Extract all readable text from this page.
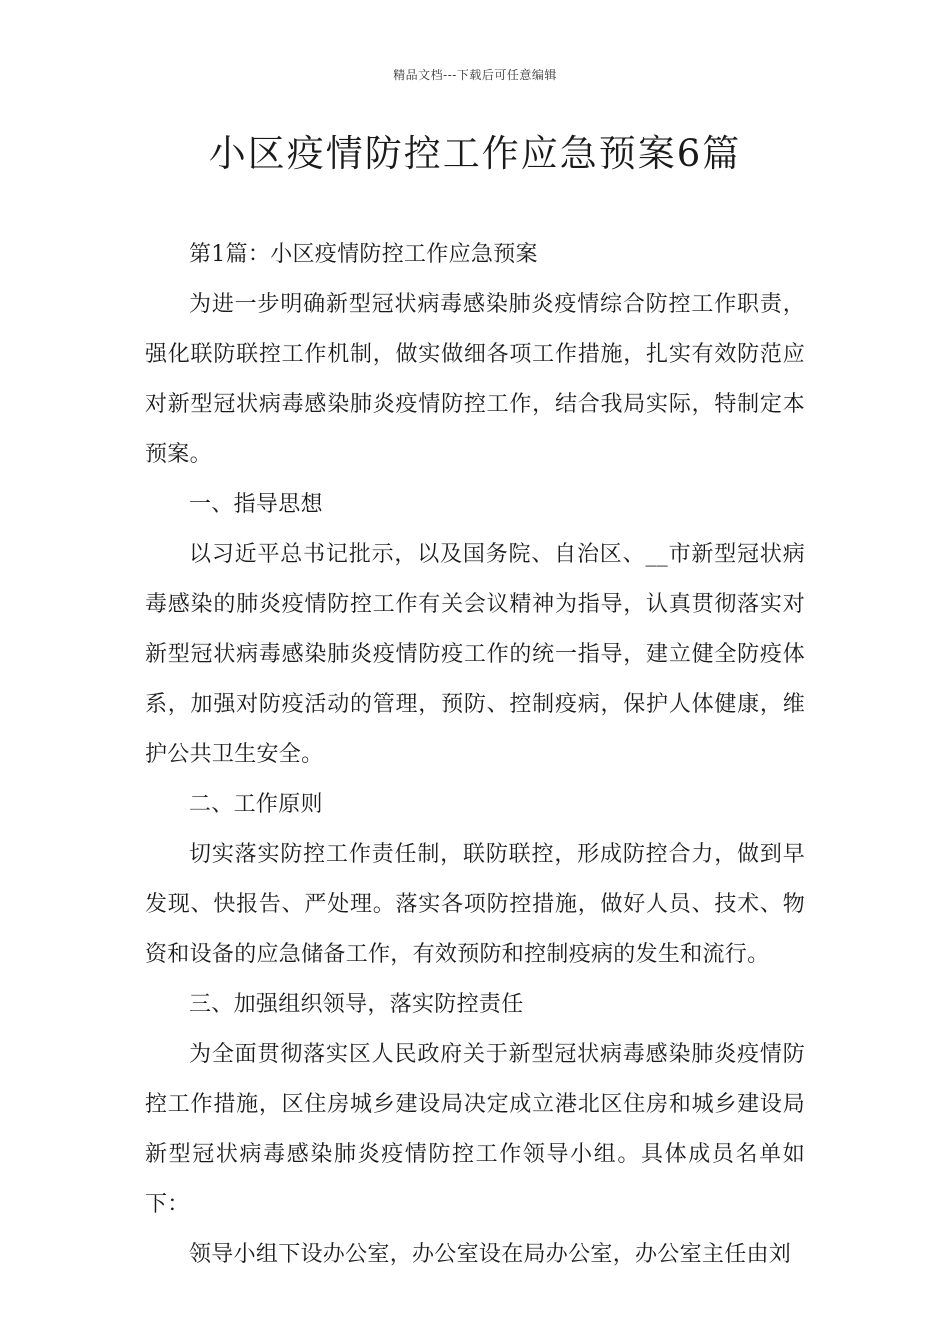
精品文档---下载后可任意编辑
小区疫情防控工作应急预案6篇

第1篇：小区疫情防控工作应急预案

为进一步明确新型冠状病毒感染肺炎疫情综合防控工作职责，强化联防联控工作机制，做实做细各项工作措施，扎实有效防范应对新型冠状病毒感染肺炎疫情防控工作，结合我局实际，特制定本预案。

一、指导思想

以习近平总书记批示，以及国务院、自治区、__市新型冠状病毒感染的肺炎疫情防控工作有关会议精神为指导，认真贯彻落实对新型冠状病毒感染肺炎疫情防疫工作的统一指导，建立健全防疫体系，加强对防疫活动的管理，预防、控制疫病，保护人体健康，维护公共卫生安全。

二、工作原则

切实落实防控工作责任制，联防联控，形成防控合力，做到早发现、快报告、严处理。落实各项防控措施，做好人员、技术、物资和设备的应急储备工作，有效预防和控制疫病的发生和流行。

三、加强组织领导，落实防控责任

为全面贯彻落实区人民政府关于新型冠状病毒感染肺炎疫情防控工作措施，区住房城乡建设局决定成立港北区住房和城乡建设局新型冠状病毒感染肺炎疫情防控工作领导小组。具体成员名单如下：

领导小组下设办公室，办公室设在局办公室，办公室主任由刘
